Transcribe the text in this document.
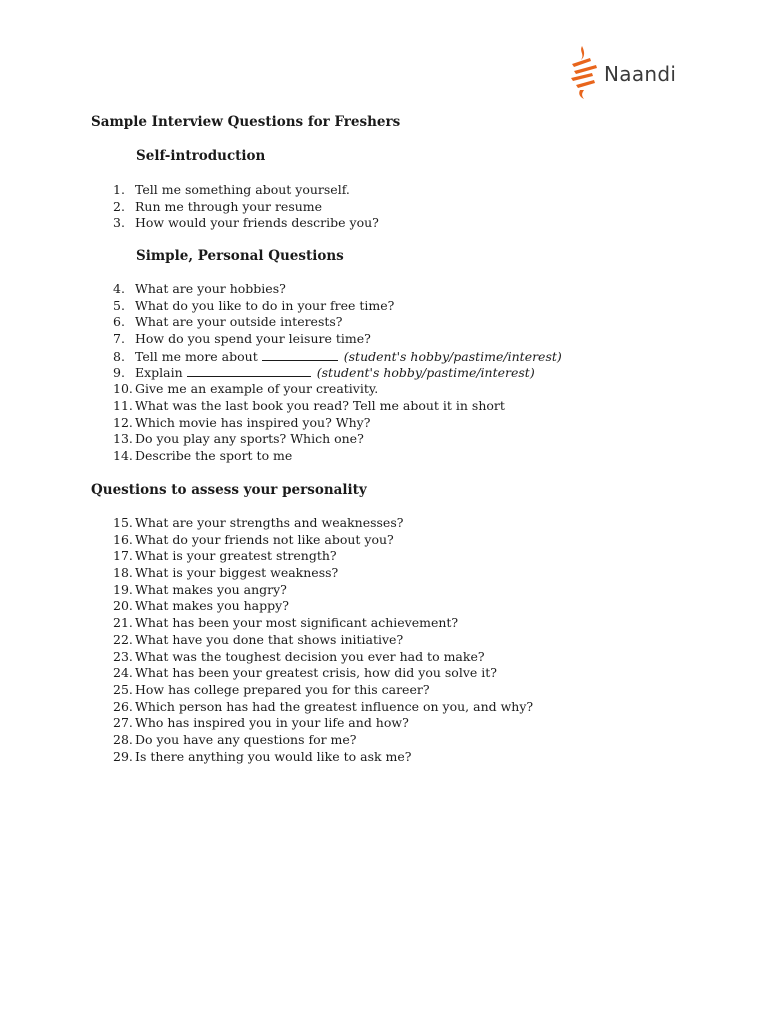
Naandi
Sample Interview Questions for Freshers
Self-introduction
1. Tell me something about yourself.
2. Run me through your resume
3. How would your friends describe you?
Simple, Personal Questions
4. What are your hobbies?
5. What do you like to do in your free time?
6. What are your outside interests?
7. How do you spend your leisure time?
8. Tell me more about	(student's hobby/pastime/interest)
9. Explain	(student's hobby/pastime/interest)
10. Give me an example of your creativity.
11. What was the last book you read? Tell me about it in short
12. Which movie has inspired you? Why?
13. Do you play any sports? Which one?
14. Describe the sport to me
Questions to assess your personality
15. What are your strengths and weaknesses?
16. What do your friends not like about you?
17. What is your greatest strength?
18. What is your biggest weakness?
19. What makes you angry?
20. What makes you happy?
21. What has been your most significant achievement?
22. What have you done that shows initiative?
23. What was the toughest decision you ever had to make?
24. What has been your greatest crisis, how did you solve it?
25. How has college prepared you for this career?
26. Which person has had the greatest influence on you, and why?
27. Who has inspired you in your life and how?
28. Do you have any questions for me?
29. Is there anything you would like to ask me?
